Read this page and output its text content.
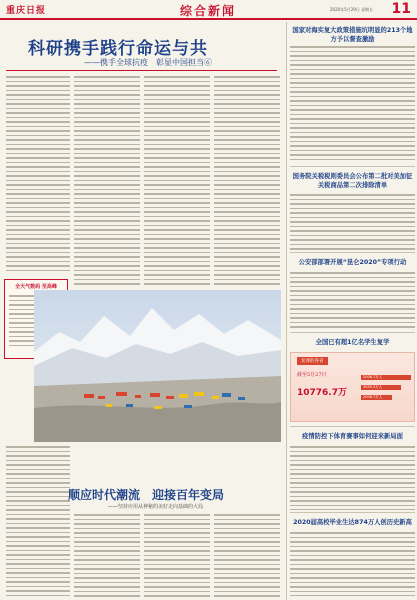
重庆日报	综合新闻	2020年5月29日 星期五 11
科研携手践行命运与共
——携手全球抗疫　彰显中国担当⑥
全天气数码 至高峰
顺应时代潮流　迎接百年变局
——坚持应用从神秘的美好走向基础的大局
国家对海实复大政策措施坑明显的213个地方予以督查激励
国务院关税税则委员会公布第二批对美加征关税商品第二次排除清单
公安部部署开展“昆仑2020”专项行动
全国已有超1亿名学生复学
复课的各省
截至5月27日
10776.7万
2006.7万人
3055.3万人
2006.7万人
疫情防控下体育赛事如何迎来新局面
2020届高校毕业生达874万人创历史新高
